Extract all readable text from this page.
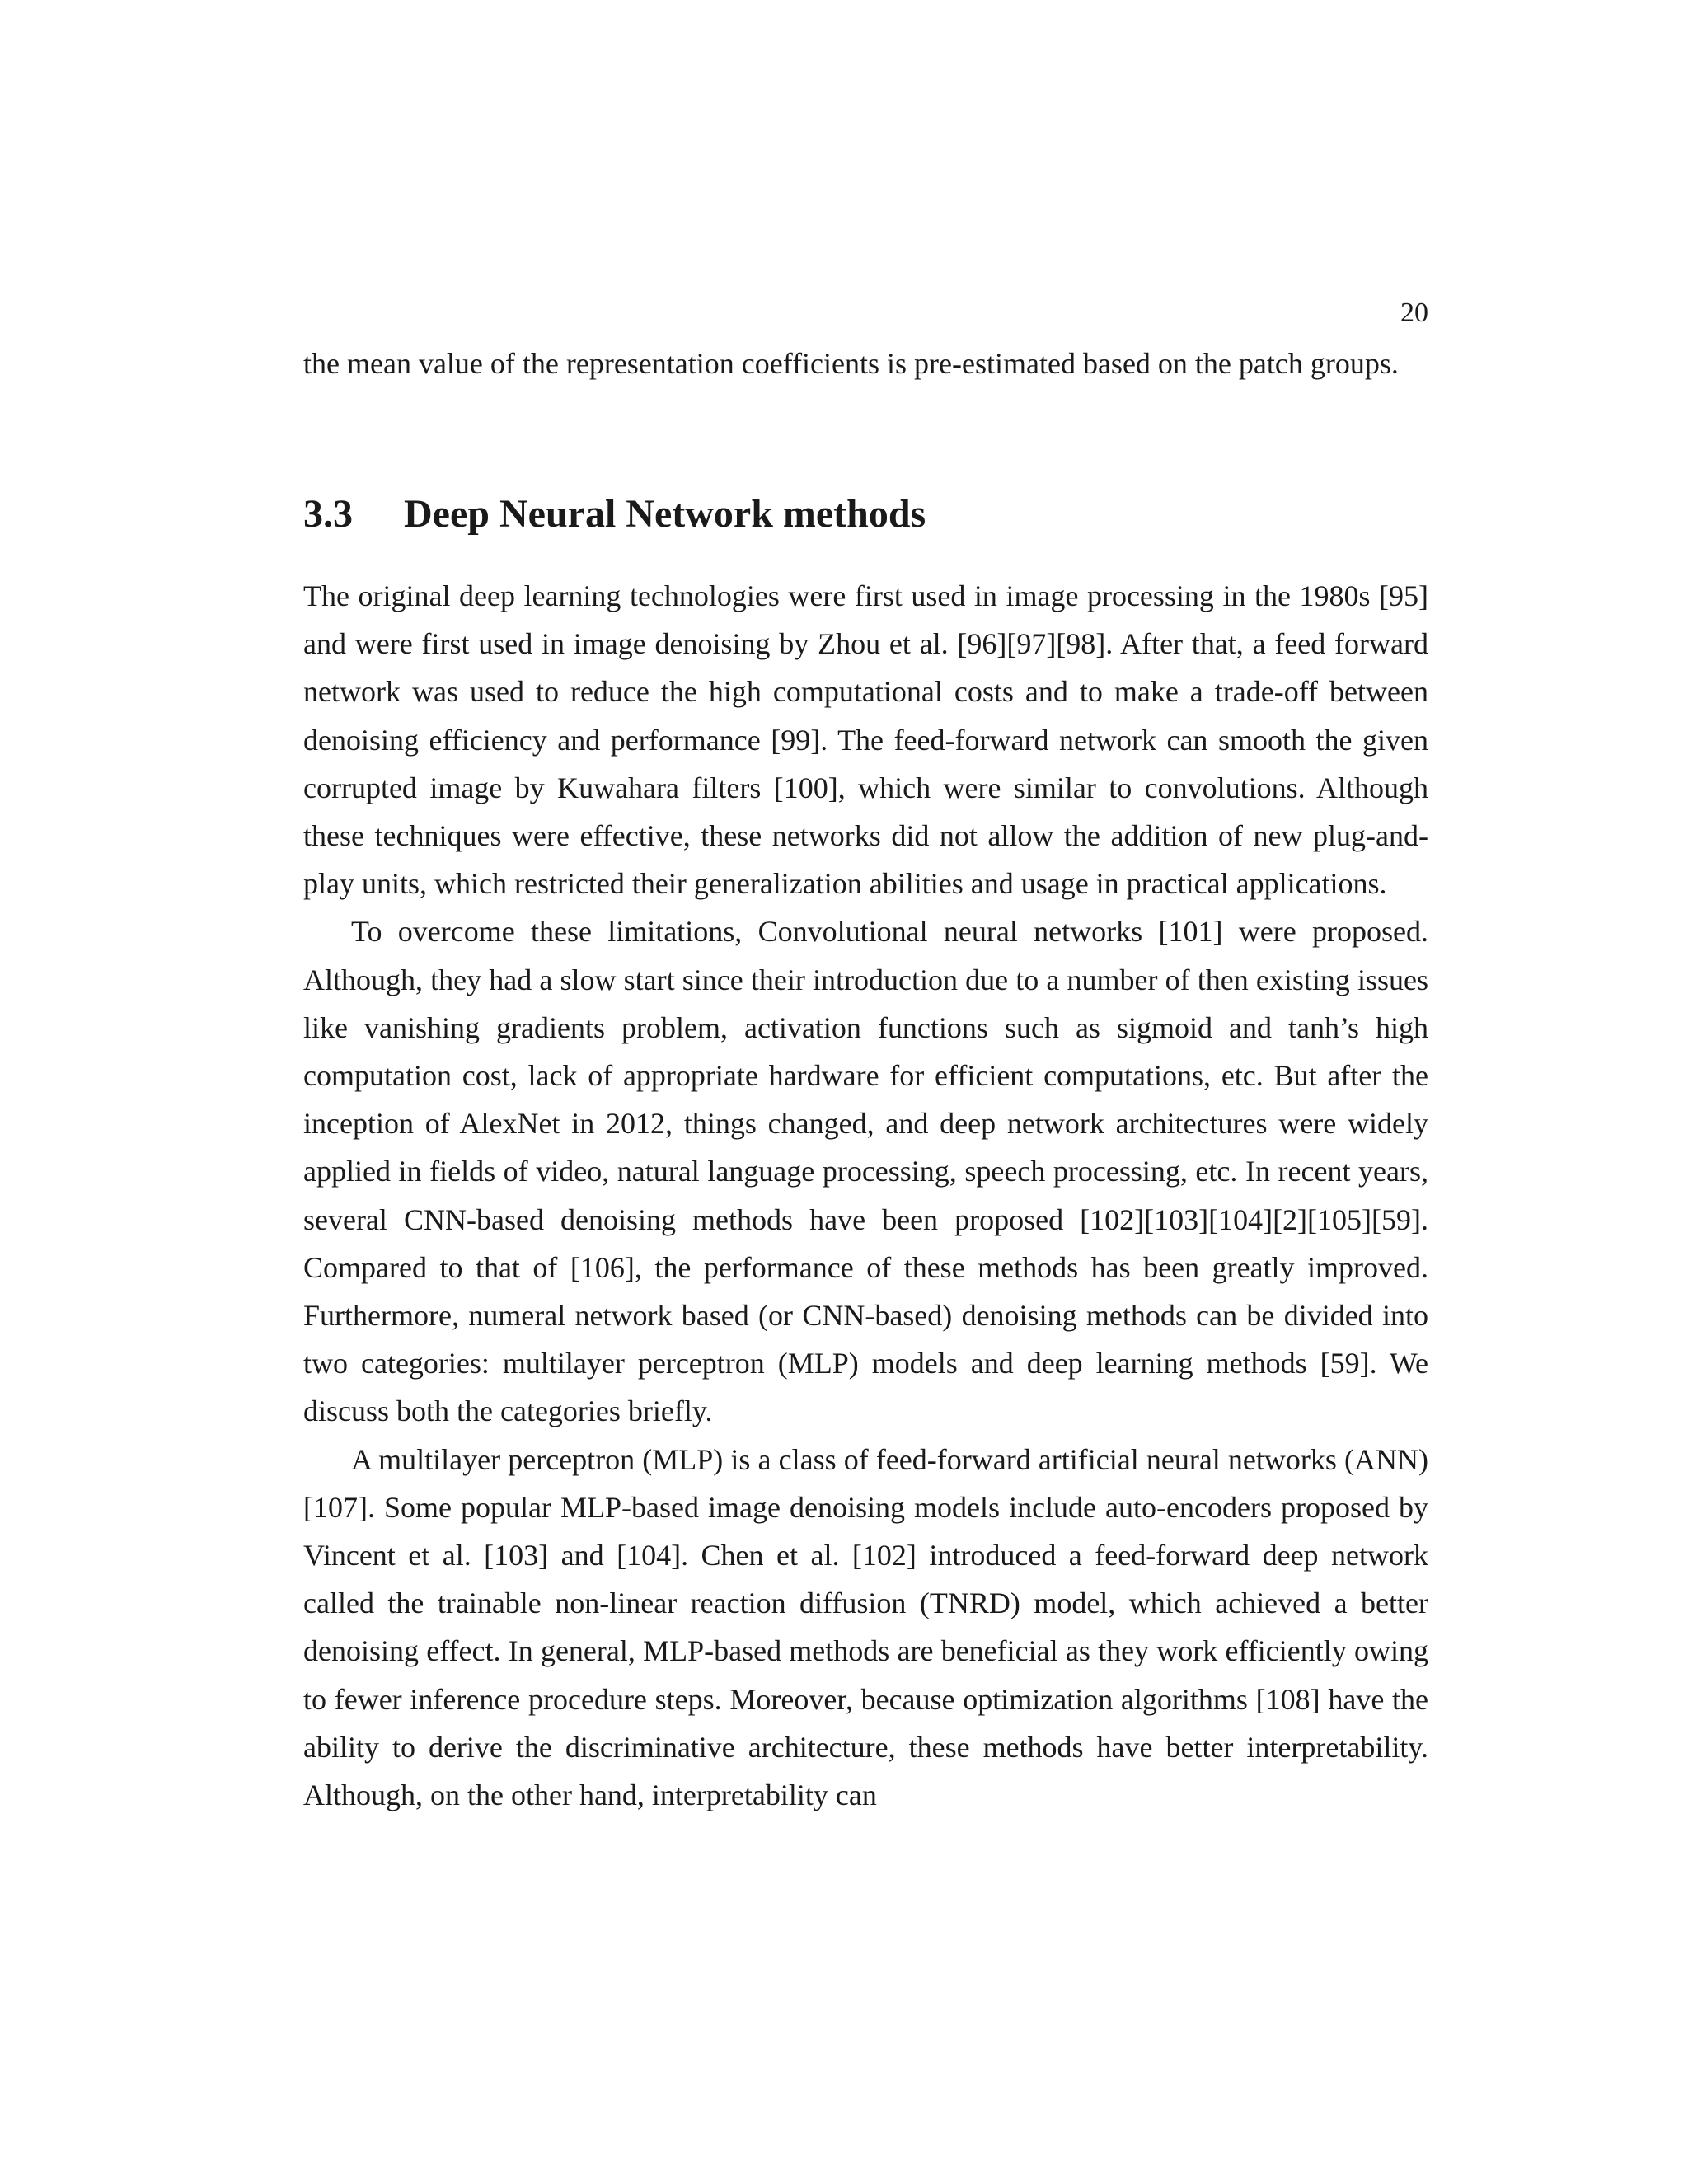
20

the mean value of the representation coefficients is pre-estimated based on the patch groups.

3.3 Deep Neural Network methods

The original deep learning technologies were first used in image processing in the 1980s [95] and were first used in image denoising by Zhou et al. [96][97][98]. After that, a feed forward network was used to reduce the high computational costs and to make a trade-off between denoising efficiency and performance [99]. The feed-forward network can smooth the given corrupted image by Kuwahara filters [100], which were similar to convolutions. Although these techniques were effective, these networks did not allow the addition of new plug-and-play units, which restricted their generalization abilities and usage in practical applications.

To overcome these limitations, Convolutional neural networks [101] were proposed. Although, they had a slow start since their introduction due to a number of then existing issues like vanishing gradients problem, activation functions such as sigmoid and tanh’s high computation cost, lack of appropriate hardware for efficient computations, etc. But after the inception of AlexNet in 2012, things changed, and deep network architectures were widely applied in fields of video, natural language processing, speech processing, etc. In recent years, several CNN-based denoising methods have been proposed [102][103][104][2][105][59]. Compared to that of [106], the performance of these methods has been greatly improved. Furthermore, numeral network based (or CNN-based) denoising methods can be divided into two categories: multilayer perceptron (MLP) models and deep learning methods [59]. We discuss both the categories briefly.

A multilayer perceptron (MLP) is a class of feed-forward artificial neural networks (ANN) [107]. Some popular MLP-based image denoising models include auto-encoders proposed by Vincent et al. [103] and [104]. Chen et al. [102] introduced a feed-forward deep network called the trainable non-linear reaction diffusion (TNRD) model, which achieved a better denoising effect. In general, MLP-based methods are beneficial as they work efficiently owing to fewer inference procedure steps. Moreover, because optimization algorithms [108] have the ability to derive the discriminative architecture, these methods have better interpretability. Although, on the other hand, interpretability can
